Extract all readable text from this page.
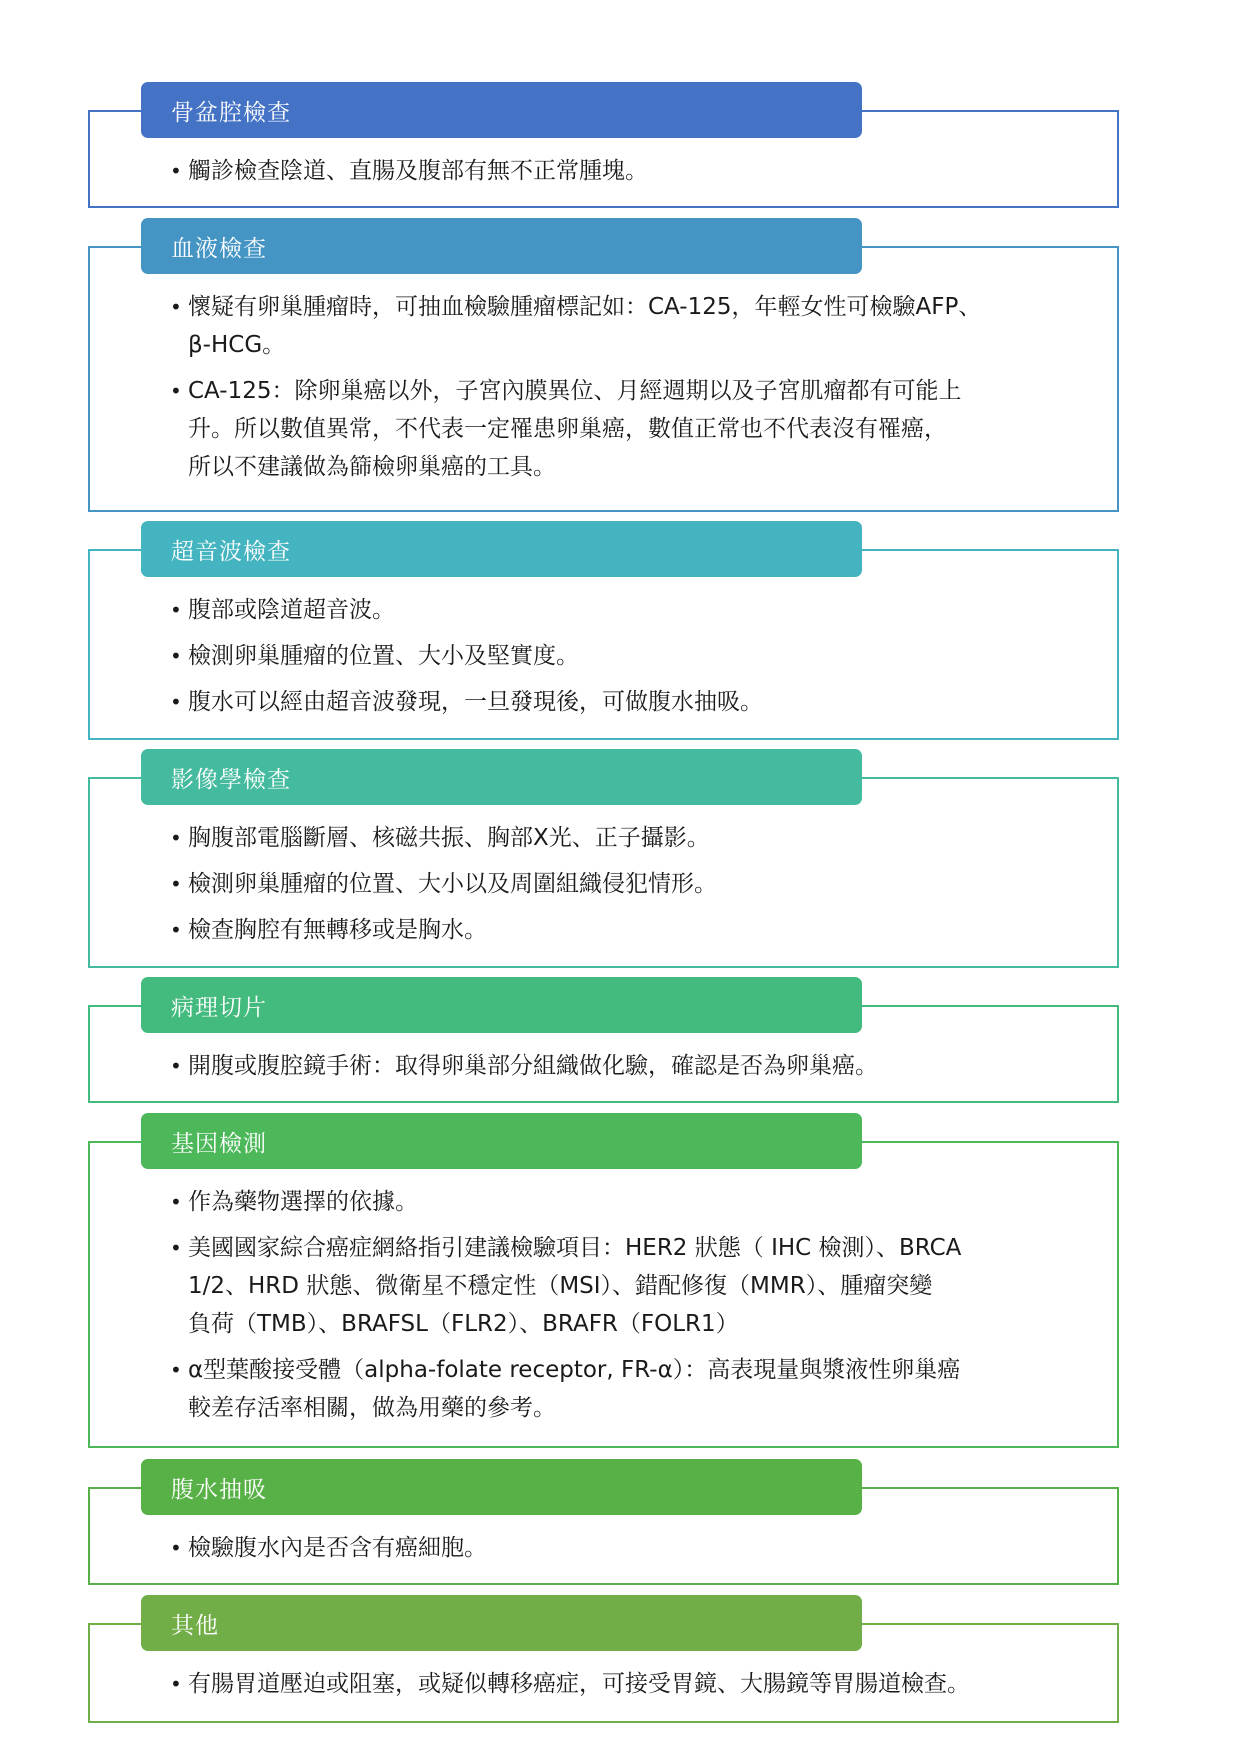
骨盆腔檢查
• 觸診檢查陰道、直腸及腹部有無不正常腫塊。
血液檢查
• 懷疑有卵巢腫瘤時，可抽血檢驗腫瘤標記如：CA-125，年輕女性可檢驗AFP、
β-HCG。
• CA-125：除卵巢癌以外，子宮內膜異位、月經週期以及子宮肌瘤都有可能上
升。所以數值異常，不代表一定罹患卵巢癌，數值正常也不代表沒有罹癌，
所以不建議做為篩檢卵巢癌的工具。
超音波檢查
• 腹部或陰道超音波。
• 檢測卵巢腫瘤的位置、大小及堅實度。
• 腹水可以經由超音波發現，一旦發現後，可做腹水抽吸。
影像學檢查
• 胸腹部電腦斷層、核磁共振、胸部X光、正子攝影。
• 檢測卵巢腫瘤的位置、大小以及周圍組織侵犯情形。
• 檢查胸腔有無轉移或是胸水。
病理切片
• 開腹或腹腔鏡手術：取得卵巢部分組織做化驗，確認是否為卵巢癌。
基因檢測
• 作為藥物選擇的依據。
• 美國國家綜合癌症網絡指引建議檢驗項目：HER2 狀態（ IHC 檢測）、BRCA
1/2、HRD 狀態、微衛星不穩定性（MSI）、錯配修復（MMR）、腫瘤突變
負荷（TMB）、BRAFSL（FLR2）、BRAFR（FOLR1）
• α型葉酸接受體（alpha-folate receptor, FR-α）：高表現量與漿液性卵巢癌
較差存活率相關，做為用藥的參考。
腹水抽吸
• 檢驗腹水內是否含有癌細胞。
其他
• 有腸胃道壓迫或阻塞，或疑似轉移癌症，可接受胃鏡、大腸鏡等胃腸道檢查。
